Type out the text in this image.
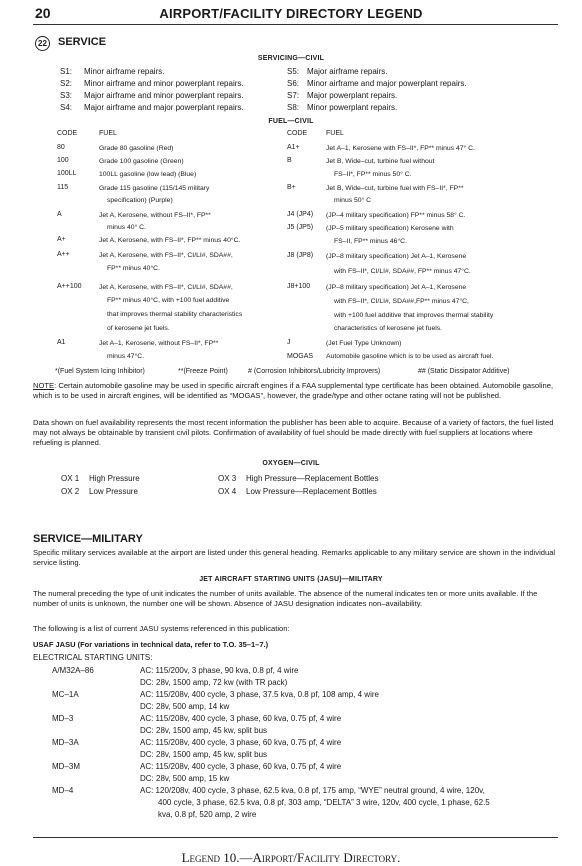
20	AIRPORT/FACILITY DIRECTORY LEGEND
22 SERVICE
SERVICING—CIVIL
S1: Minor airframe repairs.
S2: Minor airframe and minor powerplant repairs.
S3: Major airframe and minor powerplant repairs.
S4: Major airframe and major powerplant repairs.
S5: Major airframe repairs.
S6: Minor airframe and major powerplant repairs.
S7: Major powerplant repairs.
S8: Minor powerplant repairs.
FUEL—CIVIL
CODE	FUEL	CODE	FUEL
80	Grade 80 gasoline (Red)
100	Grade 100 gasoline (Green)
100LL	100LL gasoline (low lead) (Blue)
115	Grade 115 gasoline (115/145 military
specification) (Purple)
A	Jet A, Kerosene, without FS–II*, FP**
minus 40° C.
A+	Jet A, Kerosene, with FS–II*, FP** minus 40°C.
A++	Jet A, Kerosene, with FS–II*, CI/LI#, SDA##,
FP** minus 40°C.
A++100	Jet A, Kerosene, with FS–II*, CI/LI#, SDA##,
FP** minus 40°C, with +100 fuel additive
that improves thermal stability characteristics
of kerosene jet fuels.
A1	Jet A–1, Kerosene, without FS–II*, FP**
minus 47°C.
A1+	Jet A–1, Kerosene with FS–II*, FP** minus 47° C.
B	Jet B, Wide–cut, turbine fuel without
FS–II*, FP** minus 50° C.
B+	Jet B, Wide–cut, turbine fuel with FS–II*, FP**
minus 50° C
J4 (JP4) (JP–4 military specification) FP** minus 58° C.
J5 (JP5) (JP–5 military specification) Kerosene with
FS–II, FP** minus 46°C.
J8 (JP8) (JP–8 military specification) Jet A–1, Kerosene
with FS–II*, CI/LI#, SDA##, FP** minus 47°C.
J8+100 (JP–8 military specification) Jet A–1, Kerosene
with FS–II*, CI/LI#, SDA##,FP** minus 47°C,
with +100 fuel additive that improves thermal stability
characteristics of kerosene jet fuels.
J	(Jet Fuel Type Unknown)
MOGAS Automobile gasoline which is to be used as aircraft fuel.
*(Fuel System Icing Inhibitor)	**(Freeze Point)	# (Corrosion Inhibitors/Lubricity Improvers)	## (Static Dissipator Additive)
NOTE: Certain automobile gasoline may be used in specific aircraft engines if a FAA supplemental type certificate has been obtained. Automobile gasoline, which is to be used in aircraft engines, will be identified as “MOGAS”, however, the grade/type and other octane rating will not be published.
Data shown on fuel availability represents the most recent information the publisher has been able to acquire. Because of a variety of factors, the fuel listed may not always be obtainable by transient civil pilots. Confirmation of availability of fuel should be made directly with fuel suppliers at locations where refueling is planned.
OXYGEN—CIVIL
OX 1 High Pressure
OX 2 Low Pressure
OX 3 High Pressure—Replacement Bottles
OX 4 Low Pressure—Replacement Bottles
SERVICE—MILITARY
Specific military services available at the airport are listed under this general heading. Remarks applicable to any military service are shown in the individual service listing.
JET AIRCRAFT STARTING UNITS (JASU)—MILITARY
The numeral preceding the type of unit indicates the number of units available. The absence of the numeral indicates ten or more units available. If the number of units is unknown, the number one will be shown. Absence of JASU designation indicates non–availability.
The following is a list of current JASU systems referenced in this publication:
USAF JASU (For variations in technical data, refer to T.O. 35–1–7.)
ELECTRICAL STARTING UNITS:
A/M32A–86	AC: 115/200v, 3 phase, 90 kva, 0.8 pf, 4 wire
DC: 28v, 1500 amp, 72 kw (with TR pack)
MC–1A	AC: 115/208v, 400 cycle, 3 phase, 37.5 kva, 0.8 pf, 108 amp, 4 wire
DC: 28v, 500 amp, 14 kw
MD–3	AC: 115/208v, 400 cycle, 3 phase, 60 kva, 0.75 pf, 4 wire
DC: 28v, 1500 amp, 45 kw, split bus
MD–3A	AC: 115/208v, 400 cycle, 3 phase, 60 kva, 0.75 pf, 4 wire
DC: 28v, 1500 amp, 45 kw, split bus
MD–3M	AC: 115/208v, 400 cycle, 3 phase, 60 kva, 0.75 pf, 4 wire
DC: 28v, 500 amp, 15 kw
MD–4	AC: 120/208v, 400 cycle, 3 phase, 62.5 kva, 0.8 pf, 175 amp, “WYE” neutral ground, 4 wire, 120v,
400 cycle, 3 phase, 62.5 kva, 0.8 pf, 303 amp, “DELTA” 3 wire, 120v, 400 cycle, 1 phase, 62.5
kva, 0.8 pf, 520 amp, 2 wire
Legend 10.—Airport/Facility Directory.
